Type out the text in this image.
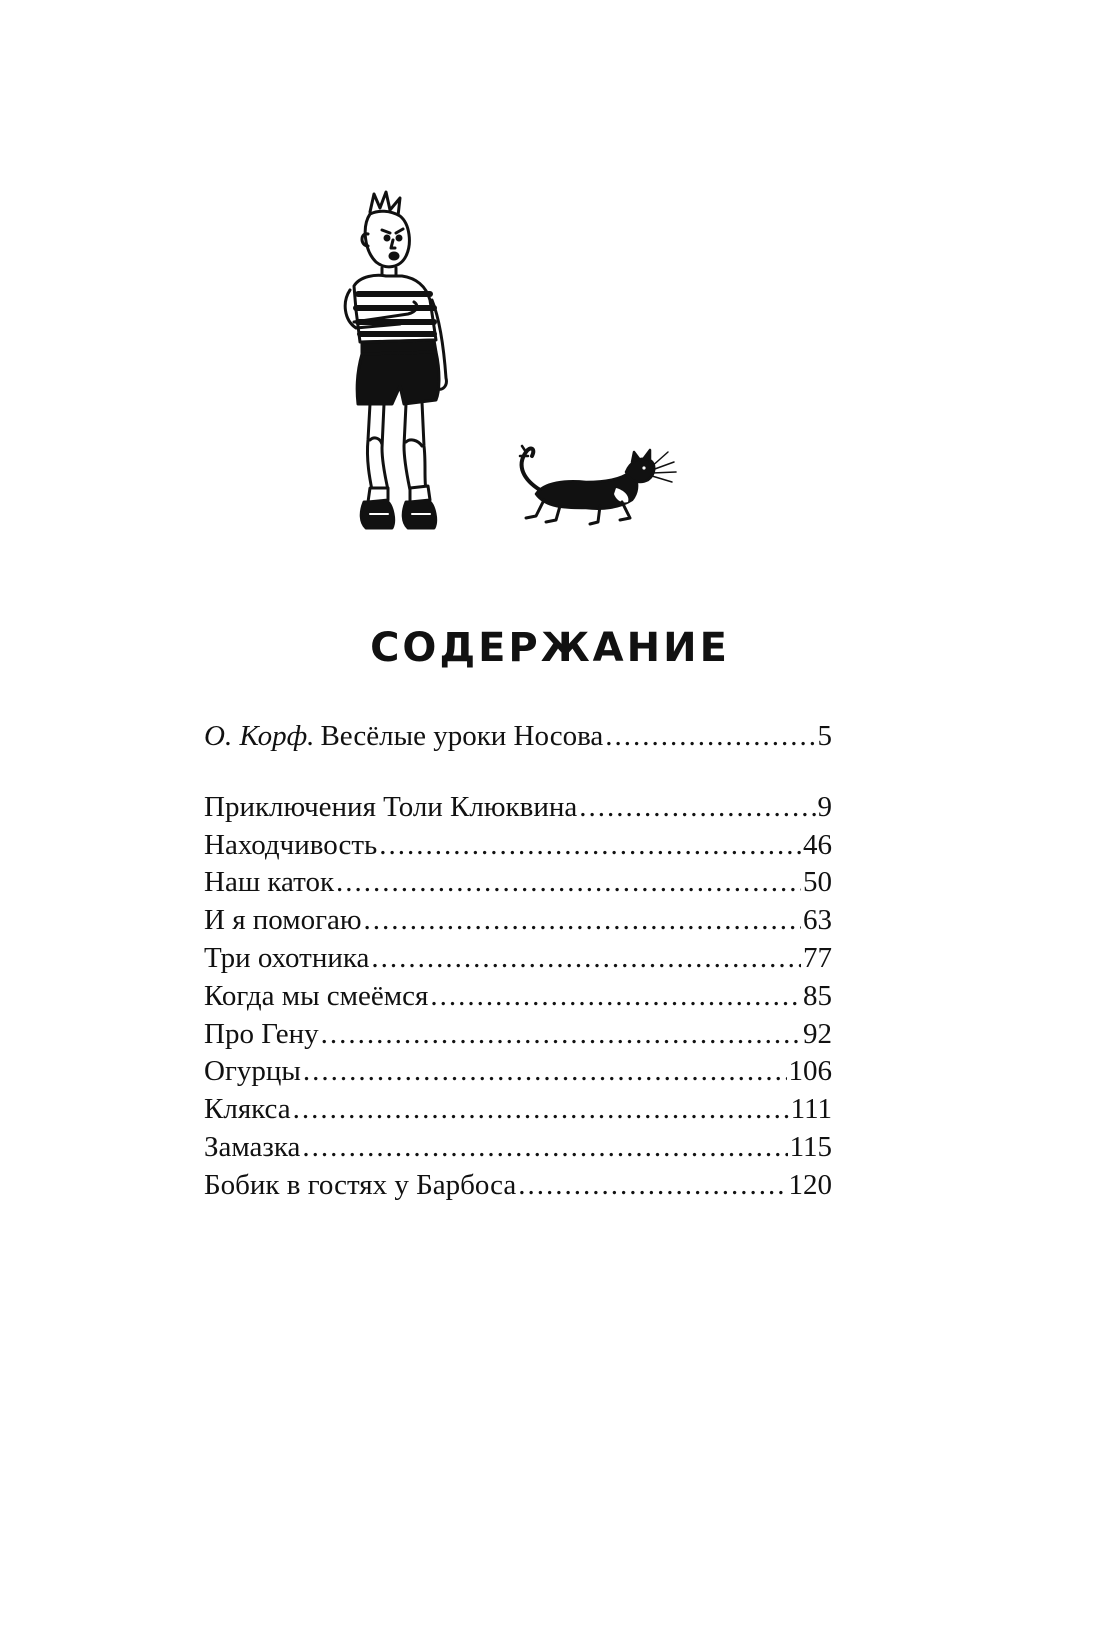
СОДЕРЖАНИЕ
О. Корф. Весёлые уроки Носова .....	5
Приключения Толи Клюквина .....	9
Находчивость .....	46
Наш каток .....	50
И я помогаю .....	63
Три охотника .....	77
Когда мы смеёмся .....	85
Про Гену .....	92
Огурцы .....	106
Клякса .....	111
Замазка .....	115
Бобик в гостях у Барбоса .....	120
